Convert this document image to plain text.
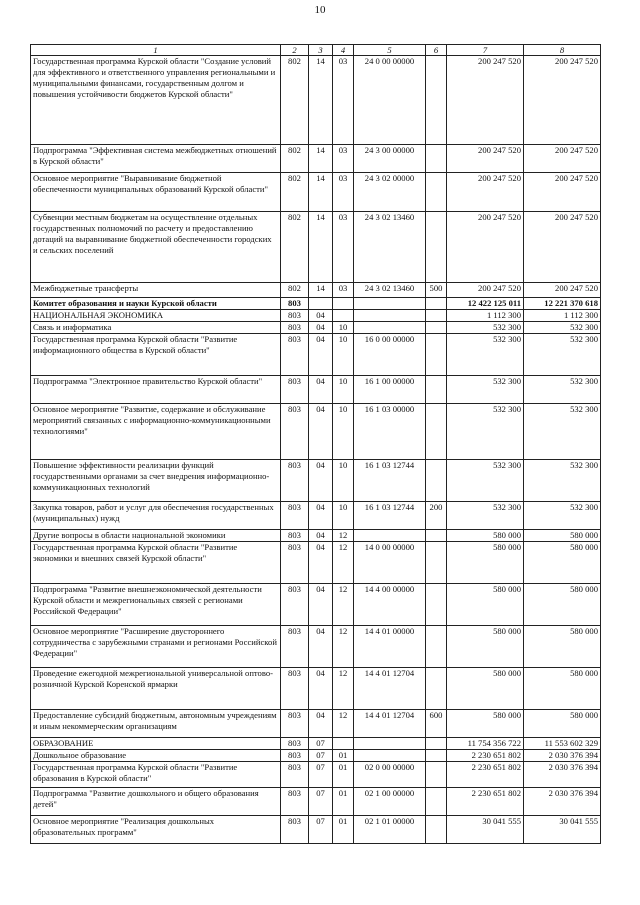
10
1	2	3	4	5	6	7	8
Государственная программа Курской области "Создание условий для эффективного и ответственного управления региональными и муниципальными финансами, государственным долгом и повышения устойчивости бюджетов Курской области"	802	14	03	24 0 00 00000		200 247 520	200 247 520
Подпрограмма "Эффективная система межбюджетных отношений в Курской области"	802	14	03	24 3 00 00000		200 247 520	200 247 520
Основное мероприятие "Выравнивание бюджетной обеспеченности муниципальных образований Курской области"	802	14	03	24 3 02 00000		200 247 520	200 247 520
Субвенции местным бюджетам на осуществление отдельных государственных полномочий по расчету и предоставлению дотаций на выравнивание бюджетной обеспеченности городских и сельских поселений	802	14	03	24 3 02 13460		200 247 520	200 247 520
Межбюджетные трансферты	802	14	03	24 3 02 13460	500	200 247 520	200 247 520
Комитет образования и науки Курской области	803					12 422 125 011	12 221 370 618
НАЦИОНАЛЬНАЯ ЭКОНОМИКА	803	04				1 112 300	1 112 300
Связь и информатика	803	04	10			532 300	532 300
Государственная программа Курской области "Развитие информационного общества в Курской области"	803	04	10	16 0 00 00000		532 300	532 300
Подпрограмма "Электронное правительство Курской области"	803	04	10	16 1 00 00000		532 300	532 300
Основное мероприятие "Развитие, содержание и обслуживание мероприятий связанных с информационно-коммуникационными технологиями"	803	04	10	16 1 03 00000		532 300	532 300
Повышение эффективности реализации функций государственными органами за счет внедрения информационно-коммуникационных технологий	803	04	10	16 1 03 12744		532 300	532 300
Закупка товаров, работ и услуг для обеспечения государственных (муниципальных) нужд	803	04	10	16 1 03 12744	200	532 300	532 300
Другие вопросы в области национальной экономики	803	04	12			580 000	580 000
Государственная программа Курской области "Развитие экономики и внешних связей Курской области"	803	04	12	14 0 00 00000		580 000	580 000
Подпрограмма "Развитие внешнеэкономической деятельности Курской области и межрегиональных связей с регионами Российской Федерации"	803	04	12	14 4 00 00000		580 000	580 000
Основное мероприятие "Расширение двустороннего сотрудничества с зарубежными странами и регионами Российской Федерации"	803	04	12	14 4 01 00000		580 000	580 000
Проведение ежегодной межрегиональной универсальной оптово-розничной Курской Коренской ярмарки	803	04	12	14 4 01 12704		580 000	580 000
Предоставление субсидий бюджетным, автономным учреждениям и иным некоммерческим организациям	803	04	12	14 4 01 12704	600	580 000	580 000
ОБРАЗОВАНИЕ	803	07				11 754 356 722	11 553 602 329
Дошкольное образование	803	07	01			2 230 651 802	2 030 376 394
Государственная программа Курской области "Развитие образования в Курской области"	803	07	01	02 0 00 00000		2 230 651 802	2 030 376 394
Подпрограмма "Развитие дошкольного и общего образования детей"	803	07	01	02 1 00 00000		2 230 651 802	2 030 376 394
Основное мероприятие "Реализация дошкольных образовательных программ"	803	07	01	02 1 01 00000		30 041 555	30 041 555
